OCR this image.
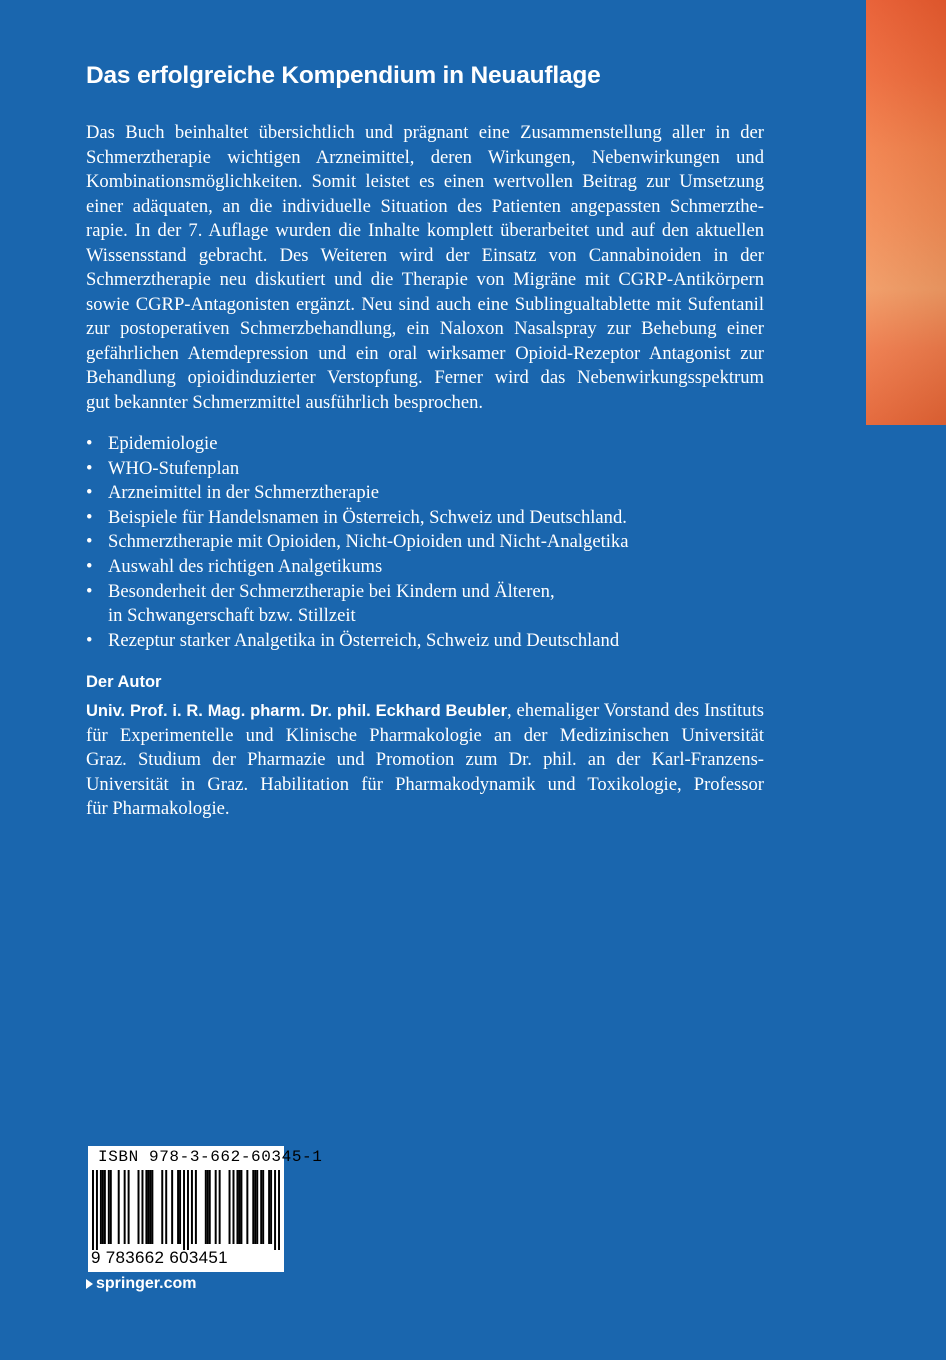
Das erfolgreiche Kompendium in Neuauflage
Das Buch beinhaltet übersichtlich und prägnant eine Zusammenstellung aller in der
Schmerztherapie wichtigen Arzneimittel, deren Wirkungen, Nebenwirkungen und
Kombinationsmöglichkeiten. Somit leistet es einen wertvollen Beitrag zur Umsetzung
einer adäquaten, an die individuelle Situation des Patienten angepassten Schmerzthe-
rapie. In der 7. Auflage wurden die Inhalte komplett überarbeitet und auf den aktuellen
Wissensstand gebracht. Des Weiteren wird der Einsatz von Cannabinoiden in der
Schmerztherapie neu diskutiert und die Therapie von Migräne mit CGRP-Antikörpern
sowie CGRP-Antagonisten ergänzt. Neu sind auch eine Sublingualtablette mit Sufentanil
zur postoperativen Schmerzbehandlung, ein Naloxon Nasalspray zur Behebung einer
gefährlichen Atemdepression und ein oral wirksamer Opioid-Rezeptor Antagonist zur
Behandlung opioidinduzierter Verstopfung. Ferner wird das Nebenwirkungsspektrum
gut bekannter Schmerzmittel ausführlich besprochen.
• Epidemiologie
• WHO-Stufenplan
• Arzneimittel in der Schmerztherapie
• Beispiele für Handelsnamen in Österreich, Schweiz und Deutschland.
• Schmerztherapie mit Opioiden, Nicht-Opioiden und Nicht-Analgetika
• Auswahl des richtigen Analgetikums
• Besonderheit der Schmerztherapie bei Kindern und Älteren,
in Schwangerschaft bzw. Stillzeit
• Rezeptur starker Analgetika in Österreich, Schweiz und Deutschland
Der Autor
Univ. Prof. i. R. Mag. pharm. Dr. phil. Eckhard Beubler, ehemaliger Vorstand des Instituts
für Experimentelle und Klinische Pharmakologie an der Medizinischen Universität
Graz. Studium der Pharmazie und Promotion zum Dr. phil. an der Karl-Franzens-
Universität in Graz. Habilitation für Pharmakodynamik und Toxikologie, Professor
für Pharmakologie.
ISBN 978-3-662-60345-1
9 783662 603451
springer.com
